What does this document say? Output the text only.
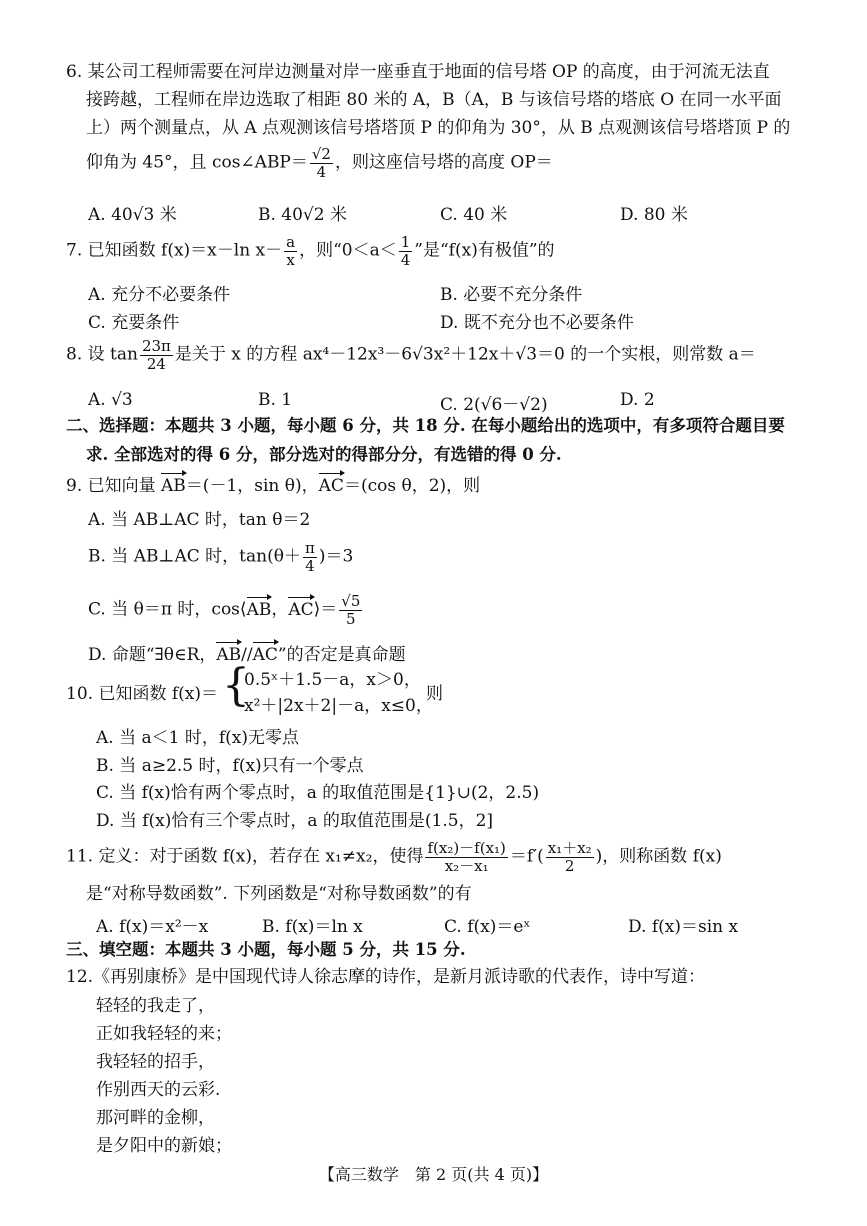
6. 某公司工程师需要在河岸边测量对岸一座垂直于地面的信号塔 OP 的高度，由于河流无法直
接跨越，工程师在岸边选取了相距 80 米的 A，B（A，B 与该信号塔的塔底 O 在同一水平面
上）两个测量点，从 A 点观测该信号塔塔顶 P 的仰角为 30°，从 B 点观测该信号塔塔顶 P 的
仰角为 45°，且 cos∠ABP＝ $\frac{√2}{4}$ ，则这座信号塔的高度 OP＝
A. 40√3 米	B. 40√2 米	C. 40 米	D. 80 米
7. 已知函数 f(x)＝x－ln $x- \frac{a}{x}$ ，则“$0<a< \frac{1}{4}$ ”是“f(x)有极值”的
A. 充分不必要条件	B. 必要不充分条件
C. 充要条件	D. 既不充分也不必要条件
8. 设 $\tan \frac{23\pi}{24}$ 是关于 x 的方程 ax⁴－12x³－6√3x²＋12x＋√3＝0 的一个实根，则常数 a＝
A. √3	B. 1	C. 2(√6－√2)	D. 2
二、选择题：本题共 3 小题，每小题 6 分，共 18 分. 在每小题给出的选项中，有多项符合题目要
求. 全部选对的得 6 分，部分选对的得部分分，有选错的得 0 分.
9. 已知向量 AB＝(－1，sin θ)，AC＝(cos θ，2)，则
A. 当 AB⊥AC 时，tan θ＝2
B. 当 AB⊥AC 时，$\tan(\theta+ \frac{\pi}{4} )=3$
C. 当 θ＝π 时，cos⟨AB，AC⟩＝ $\frac{√5}{5}$
D. 命题“∃θ∈R，AB//AC”的否定是真命题
10. 已知函数 f(x)＝ {
0.5ˣ＋1.5－a，x＞0，
x²＋|2x＋2|－a，x≤0，
则
A. 当 a＜1 时，f(x)无零点
B. 当 a≥2.5 时，f(x)只有一个零点
C. 当 f(x)恰有两个零点时，a 的取值范围是{1}∪(2，2.5)
D. 当 f(x)恰有三个零点时，a 的取值范围是(1.5，2]
11. 定义：对于函数 f(x)，若存在 x₁≠x₂，使得 $\frac{\text{f(x₂)－f(x₁)}}{\text{x₂－x₁}} =f'( \frac{\text{x₁＋x₂}}{2}$ )，则称函数 f(x)
是“对称导数函数”. 下列函数是“对称导数函数”的有
A. f(x)＝x²－x	B. f(x)＝ln x	C. f(x)＝eˣ	D. f(x)＝sin x
三、填空题：本题共 3 小题，每小题 5 分，共 15 分.
12.《再别康桥》是中国现代诗人徐志摩的诗作，是新月派诗歌的代表作，诗中写道：
轻轻的我走了，
正如我轻轻的来；
我轻轻的招手，
作别西天的云彩.
那河畔的金柳，
是夕阳中的新娘；
【高三数学　第 2 页(共 4 页)】
